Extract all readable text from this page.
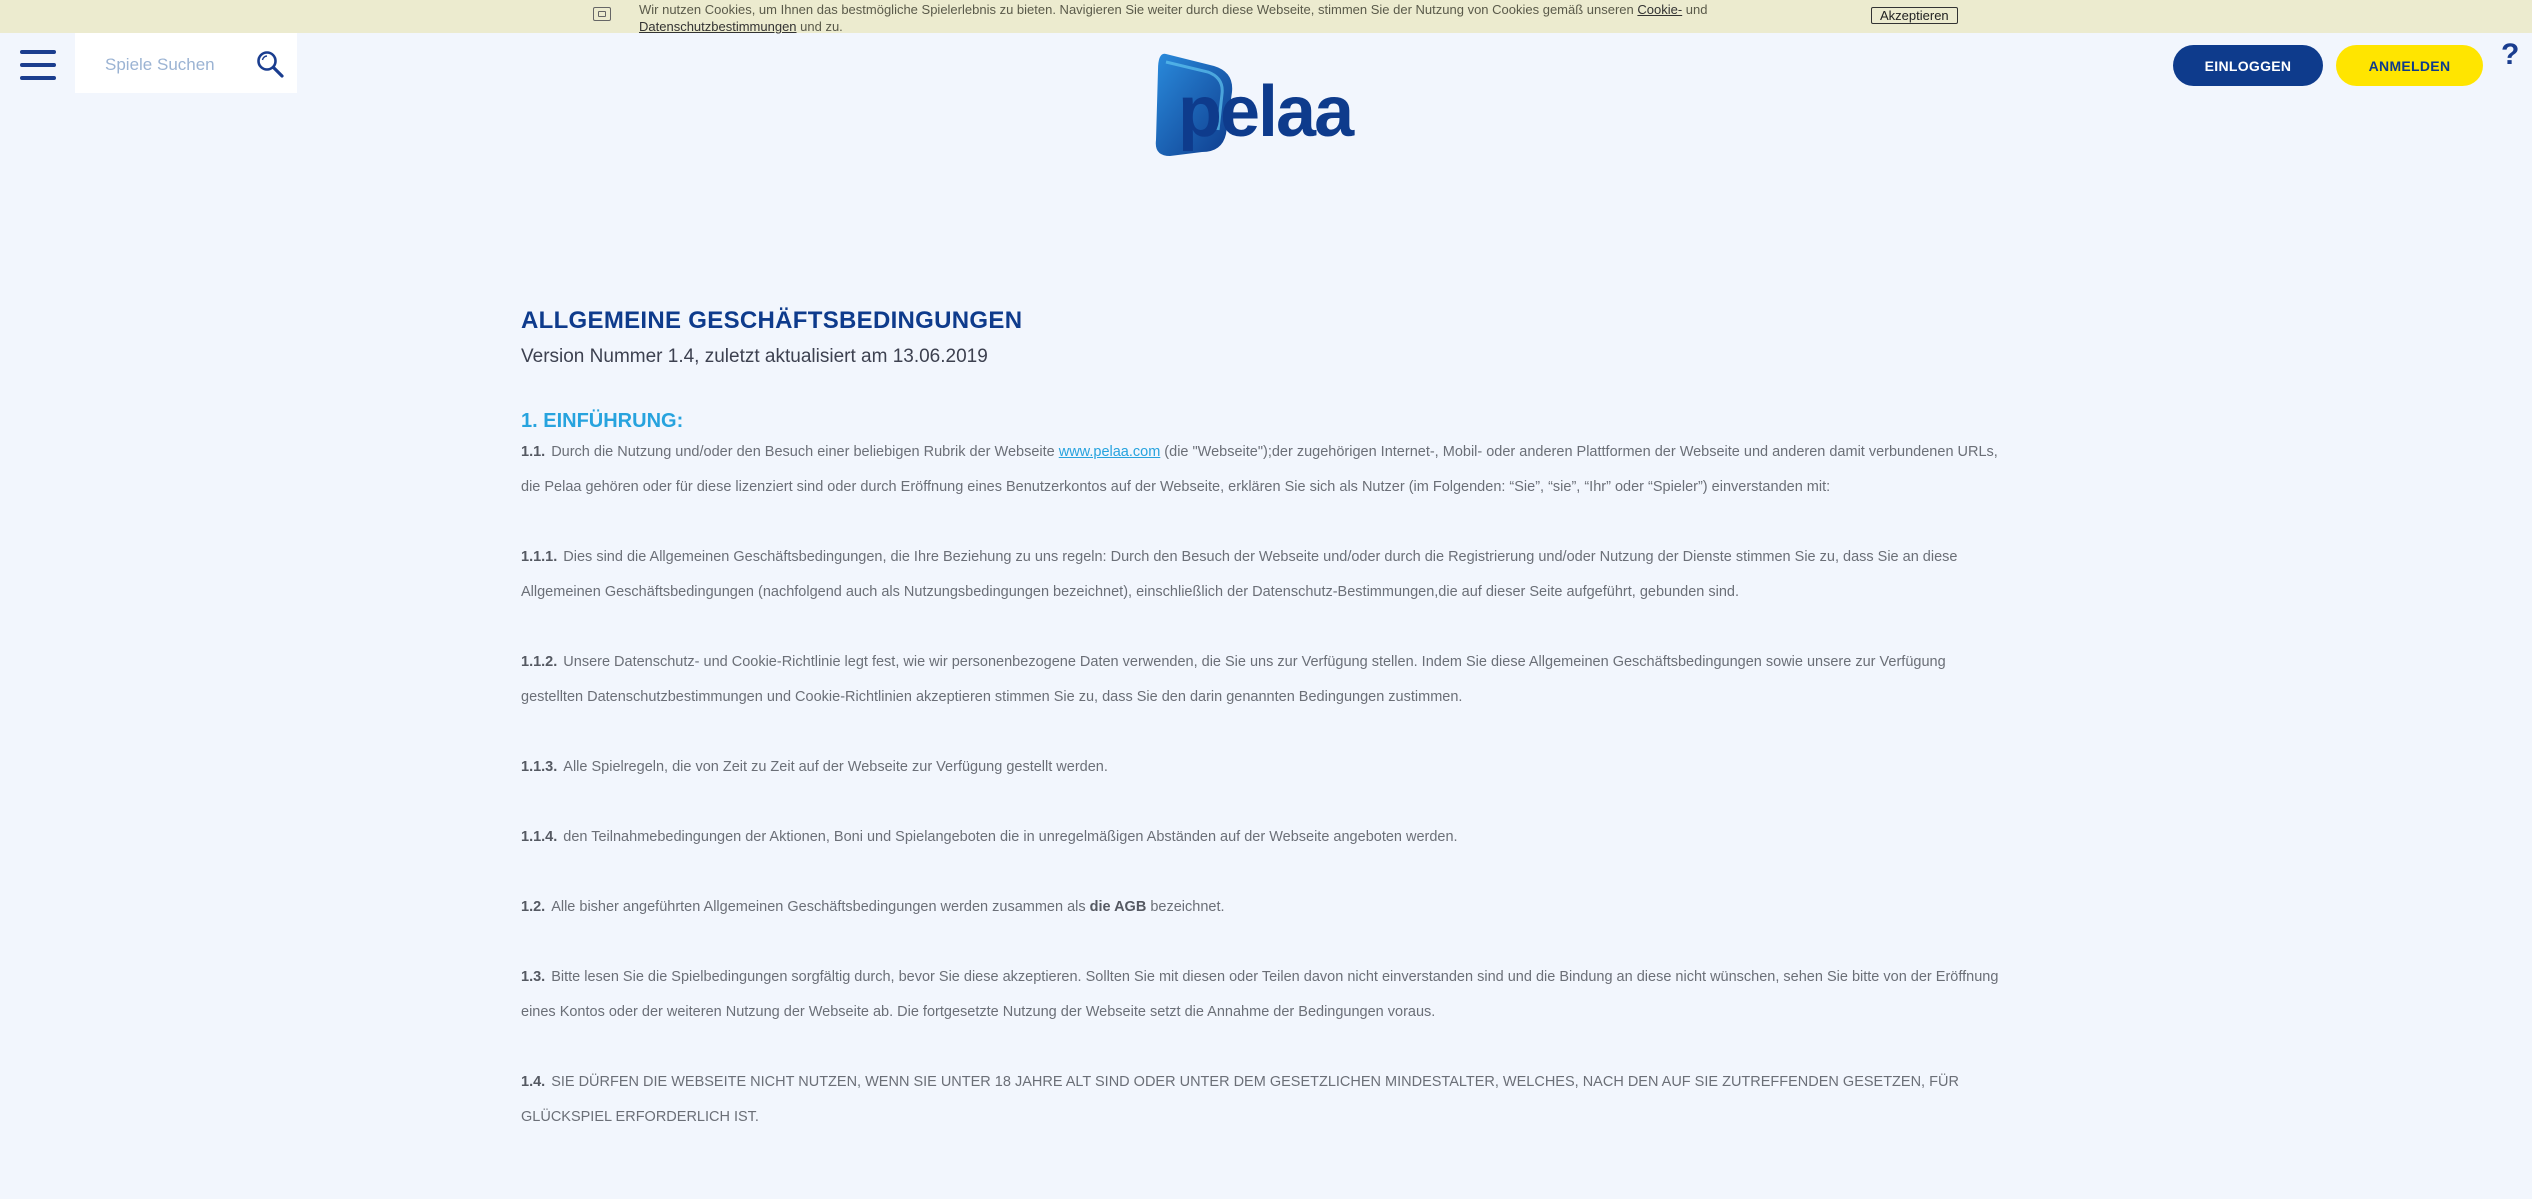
Wir nutzen Cookies, um Ihnen das bestmögliche Spielerlebnis zu bieten. Navigieren Sie weiter durch diese Webseite, stimmen Sie der Nutzung von Cookies gemäß unseren Cookie- und
Datenschutzbestimmungen und zu.
Akzeptieren
Spiele Suchen
pelaa
EINLOGGEN	ANMELDEN	?
ALLGEMEINE GESCHÄFTSBEDINGUNGEN

Version Nummer 1.4, zuletzt aktualisiert am 13.06.2019

1. EINFÜHRUNG:

1.1. Durch die Nutzung und/oder den Besuch einer beliebigen Rubrik der Webseite www.pelaa.com (die "Webseite");der zugehörigen Internet-, Mobil- oder anderen Plattformen der Webseite und anderen damit verbundenen URLs, die Pelaa gehören oder für diese lizenziert sind oder durch Eröffnung eines Benutzerkontos auf der Webseite, erklären Sie sich als Nutzer (im Folgenden: “Sie”, “sie”, “Ihr” oder “Spieler”) einverstanden mit:

1.1.1. Dies sind die Allgemeinen Geschäftsbedingungen, die Ihre Beziehung zu uns regeln: Durch den Besuch der Webseite und/oder durch die Registrierung und/oder Nutzung der Dienste stimmen Sie zu, dass Sie an diese Allgemeinen Geschäftsbedingungen (nachfolgend auch als Nutzungsbedingungen bezeichnet), einschließlich der Datenschutz-Bestimmungen,die auf dieser Seite aufgeführt, gebunden sind.

1.1.2. Unsere Datenschutz- und Cookie-Richtlinie legt fest, wie wir personenbezogene Daten verwenden, die Sie uns zur Verfügung stellen. Indem Sie diese Allgemeinen Geschäftsbedingungen sowie unsere zur Verfügung gestellten Datenschutzbestimmungen und Cookie-Richtlinien akzeptieren stimmen Sie zu, dass Sie den darin genannten Bedingungen zustimmen.

1.1.3. Alle Spielregeln, die von Zeit zu Zeit auf der Webseite zur Verfügung gestellt werden.

1.1.4. den Teilnahmebedingungen der Aktionen, Boni und Spielangeboten die in unregelmäßigen Abständen auf der Webseite angeboten werden.

1.2. Alle bisher angeführten Allgemeinen Geschäftsbedingungen werden zusammen als die AGB bezeichnet.

1.3. Bitte lesen Sie die Spielbedingungen sorgfältig durch, bevor Sie diese akzeptieren. Sollten Sie mit diesen oder Teilen davon nicht einverstanden sind und die Bindung an diese nicht wünschen, sehen Sie bitte von der Eröffnung eines Kontos oder der weiteren Nutzung der Webseite ab. Die fortgesetzte Nutzung der Webseite setzt die Annahme der Bedingungen voraus.

1.4. SIE DÜRFEN DIE WEBSEITE NICHT NUTZEN, WENN SIE UNTER 18 JAHRE ALT SIND ODER UNTER DEM GESETZLICHEN MINDESTALTER, WELCHES, NACH DEN AUF SIE ZUTREFFENDEN GESETZEN, FÜR GLÜCKSPIEL ERFORDERLICH IST.
